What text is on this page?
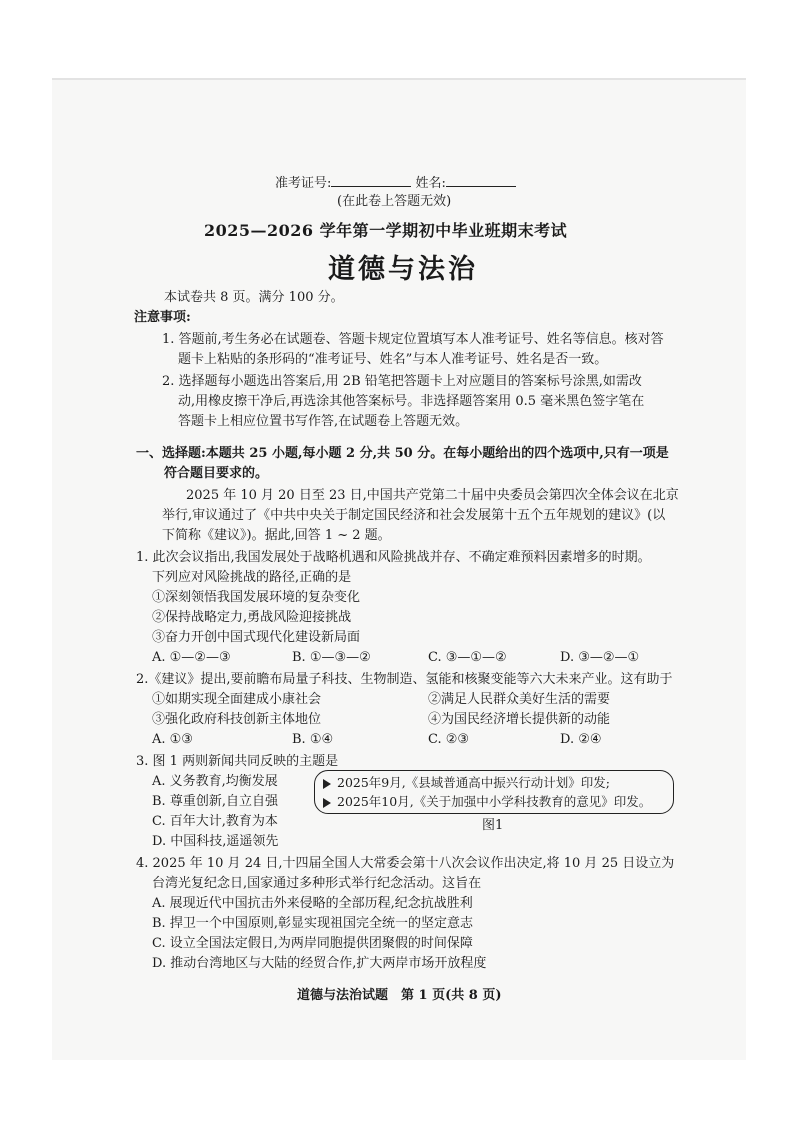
准考证号:	姓名:
(在此卷上答题无效)
2025—2026 学年第一学期初中毕业班期末考试
道德与法治
本试卷共 8 页。满分 100 分。
注意事项:
1. 答题前,考生务必在试题卷、答题卡规定位置填写本人准考证号、姓名等信息。核对答
题卡上粘贴的条形码的“准考证号、姓名”与本人准考证号、姓名是否一致。
2. 选择题每小题选出答案后,用 2B 铅笔把答题卡上对应题目的答案标号涂黑,如需改
动,用橡皮擦干净后,再选涂其他答案标号。非选择题答案用 0.5 毫米黑色签字笔在
答题卡上相应位置书写作答,在试题卷上答题无效。
一、选择题:本题共 25 小题,每小题 2 分,共 50 分。在每小题给出的四个选项中,只有一项是
符合题目要求的。
2025 年 10 月 20 日至 23 日,中国共产党第二十届中央委员会第四次全体会议在北京
举行,审议通过了《中共中央关于制定国民经济和社会发展第十五个五年规划的建议》(以
下简称《建议》)。据此,回答 1 ~ 2 题。
1. 此次会议指出,我国发展处于战略机遇和风险挑战并存、不确定难预料因素增多的时期。
下列应对风险挑战的路径,正确的是
①深刻领悟我国发展环境的复杂变化
②保持战略定力,勇战风险迎接挑战
③奋力开创中国式现代化建设新局面
A. ①—②—③	B. ①—③—②	C. ③—①—②	D. ③—②—①
2.《建议》提出,要前瞻布局量子科技、生物制造、氢能和核聚变能等六大未来产业。这有助于
①如期实现全面建成小康社会	②满足人民群众美好生活的需要
③强化政府科技创新主体地位	④为国民经济增长提供新的动能
A. ①③	B. ①④	C. ②③	D. ②④
3. 图 1 两则新闻共同反映的主题是
A. 义务教育,均衡发展
B. 尊重创新,自立自强
C. 百年大计,教育为本
D. 中国科技,遥遥领先
2025年9月,《县域普通高中振兴行动计划》印发;
2025年10月,《关于加强中小学科技教育的意见》印发。
图1
4. 2025 年 10 月 24 日,十四届全国人大常委会第十八次会议作出决定,将 10 月 25 日设立为
台湾光复纪念日,国家通过多种形式举行纪念活动。这旨在
A. 展现近代中国抗击外来侵略的全部历程,纪念抗战胜利
B. 捍卫一个中国原则,彰显实现祖国完全统一的坚定意志
C. 设立全国法定假日,为两岸同胞提供团聚假的时间保障
D. 推动台湾地区与大陆的经贸合作,扩大两岸市场开放程度
道德与法治试题　第 1 页(共 8 页)
